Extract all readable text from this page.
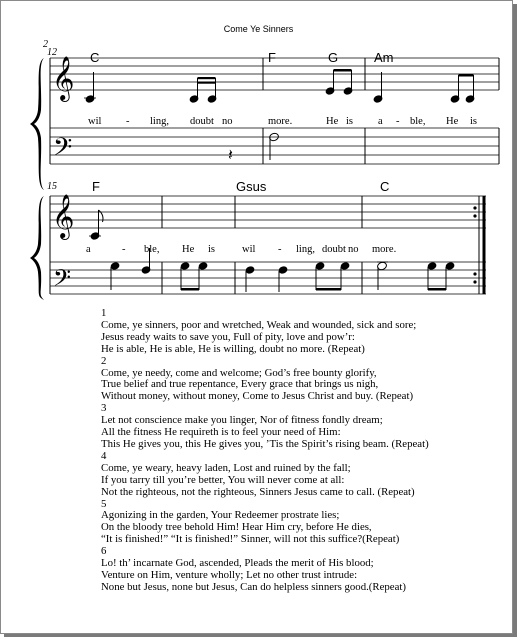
Come Ye Sinners
2
12
𝄞
𝄢
C	F	G	Am
wil - ling, doubt no	more.	He is a - ble, He is
𝄽
15
𝄞
𝄢
F	Gsus	C
a	- ble, He is	wil - ling, doubt no more.
1
Come, ye sinners, poor and wretched, Weak and wounded, sick and sore;
Jesus ready waits to save you, Full of pity, love and pow’r:
He is able, He is able, He is willing, doubt no more. (Repeat)
2
Come, ye needy, come and welcome; God’s free bounty glorify,
True belief and true repentance, Every grace that brings us nigh,
Without money, without money, Come to Jesus Christ and buy. (Repeat)
3
Let not conscience make you linger, Nor of fitness fondly dream;
All the fitness He requireth is to feel your need of Him:
This He gives you, this He gives you, ’Tis the Spirit’s rising beam. (Repeat)
4
Come, ye weary, heavy laden, Lost and ruined by the fall;
If you tarry till you’re better, You will never come at all:
Not the righteous, not the righteous, Sinners Jesus came to call. (Repeat)
5
Agonizing in the garden, Your Redeemer prostrate lies;
On the bloody tree behold Him! Hear Him cry, before He dies,
“It is finished!” “It is finished!” Sinner, will not this suffice?(Repeat)
6
Lo! th’ incarnate God, ascended, Pleads the merit of His blood;
Venture on Him, venture wholly; Let no other trust intrude:
None but Jesus, none but Jesus, Can do helpless sinners good.(Repeat)
